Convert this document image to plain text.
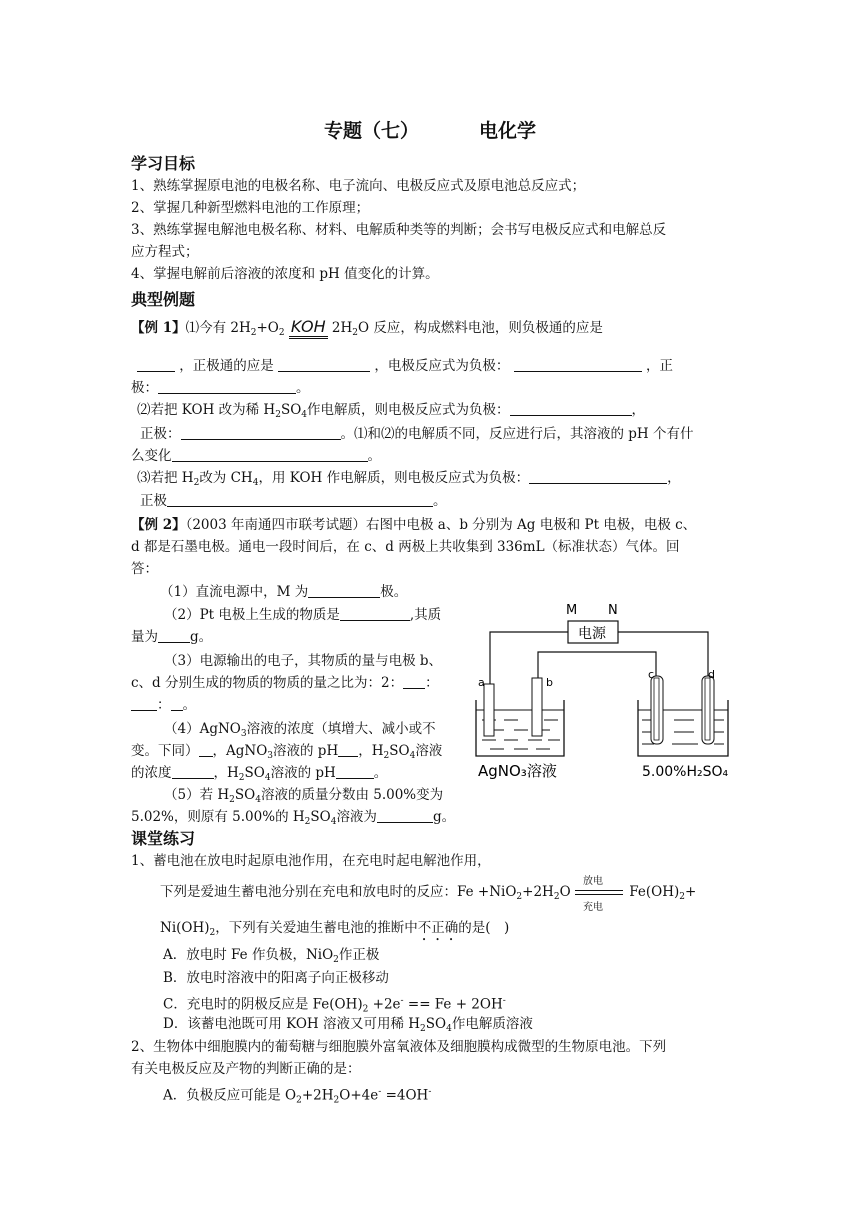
专题（七）	电化学
学习目标
1、熟练掌握原电池的电极名称、电子流向、电极反应式及原电池总反应式；
2、掌握几种新型燃料电池的工作原理；
3、熟练掌握电解池电极名称、材料、电解质种类等的判断；会书写电极反应式和电解总反
应方程式；
4、掌握电解前后溶液的浓度和 pH 值变化的计算。
典型例题
【例 1】⑴今有 $2H_2+O_2$ KOH $2H_2O$ 反应，构成燃料电池，则负极通的应是
，正极通的应是	，电极反应式为负极：	，正
极：	。
⑵若把 KOH 改为稀 $H_2SO_4$作电解质，则电极反应式为负极：	，
正极：	。⑴和⑵的电解质不同，反应进行后，其溶液的 pH 个有什
么变化	。
⑶若把 $H_2$改为 $CH_4$，用 KOH 作电解质，则电极反应式为负极：	，
正极	。
【例 2】（2003 年南通四市联考试题）右图中电极 a、b 分别为 Ag 电极和 Pt 电极，电极 c、
d 都是石墨电极。通电一段时间后，在 c、d 两极上共收集到 336mL（标准状态）气体。回
答：
（1）直流电源中，M 为	极。
（2）Pt 电极上生成的物质是	,其质
量为 g。
（3）电源输出的电子，其物质的量与电极 b、
c、d 分别生成的物质的物质的量之比为：2： ：
： 。
（4）AgNO$_3$溶液的浓度（填增大、减小或不
变。下同） ，AgNO$_3$溶液的 pH ，$H_2SO_4$溶液
的浓度	，$H_2SO_4$溶液的 pH	。
（5）若 $H_2SO_4$溶液的质量分数由 5.00%变为
5.02%，则原有 5.00%的 $H_2SO_4$溶液为	g。
M N
电源
a	b
c	d
AgNO₃溶液	5.00%H₂SO₄
课堂练习
1、蓄电池在放电时起原电池作用，在充电时起电解池作用，
下列是爱迪生蓄电池分别在充电和放电时的反应：$Fe +NiO_2+2H_2O$
放电
充电
$Fe(OH)_2+$
$Ni(OH)_2$，下列有关爱迪生蓄电池的推断中不正确的是(　)
A．放电时 Fe 作负极，NiO$_2$作正极
B．放电时溶液中的阳离子向正极移动
C．充电时的阴极反应是 $Fe(OH)_2 +2e^- == Fe + 2OH^-$
D．该蓄电池既可用 KOH 溶液又可用稀 $H_2SO_4$作电解质溶液
2、生物体中细胞膜内的葡萄糖与细胞膜外富氧液体及细胞膜构成微型的生物原电池。下列
有关电极反应及产物的判断正确的是：
A．负极反应可能是 $O_2+2H_2O+4e^- =4OH^-$
